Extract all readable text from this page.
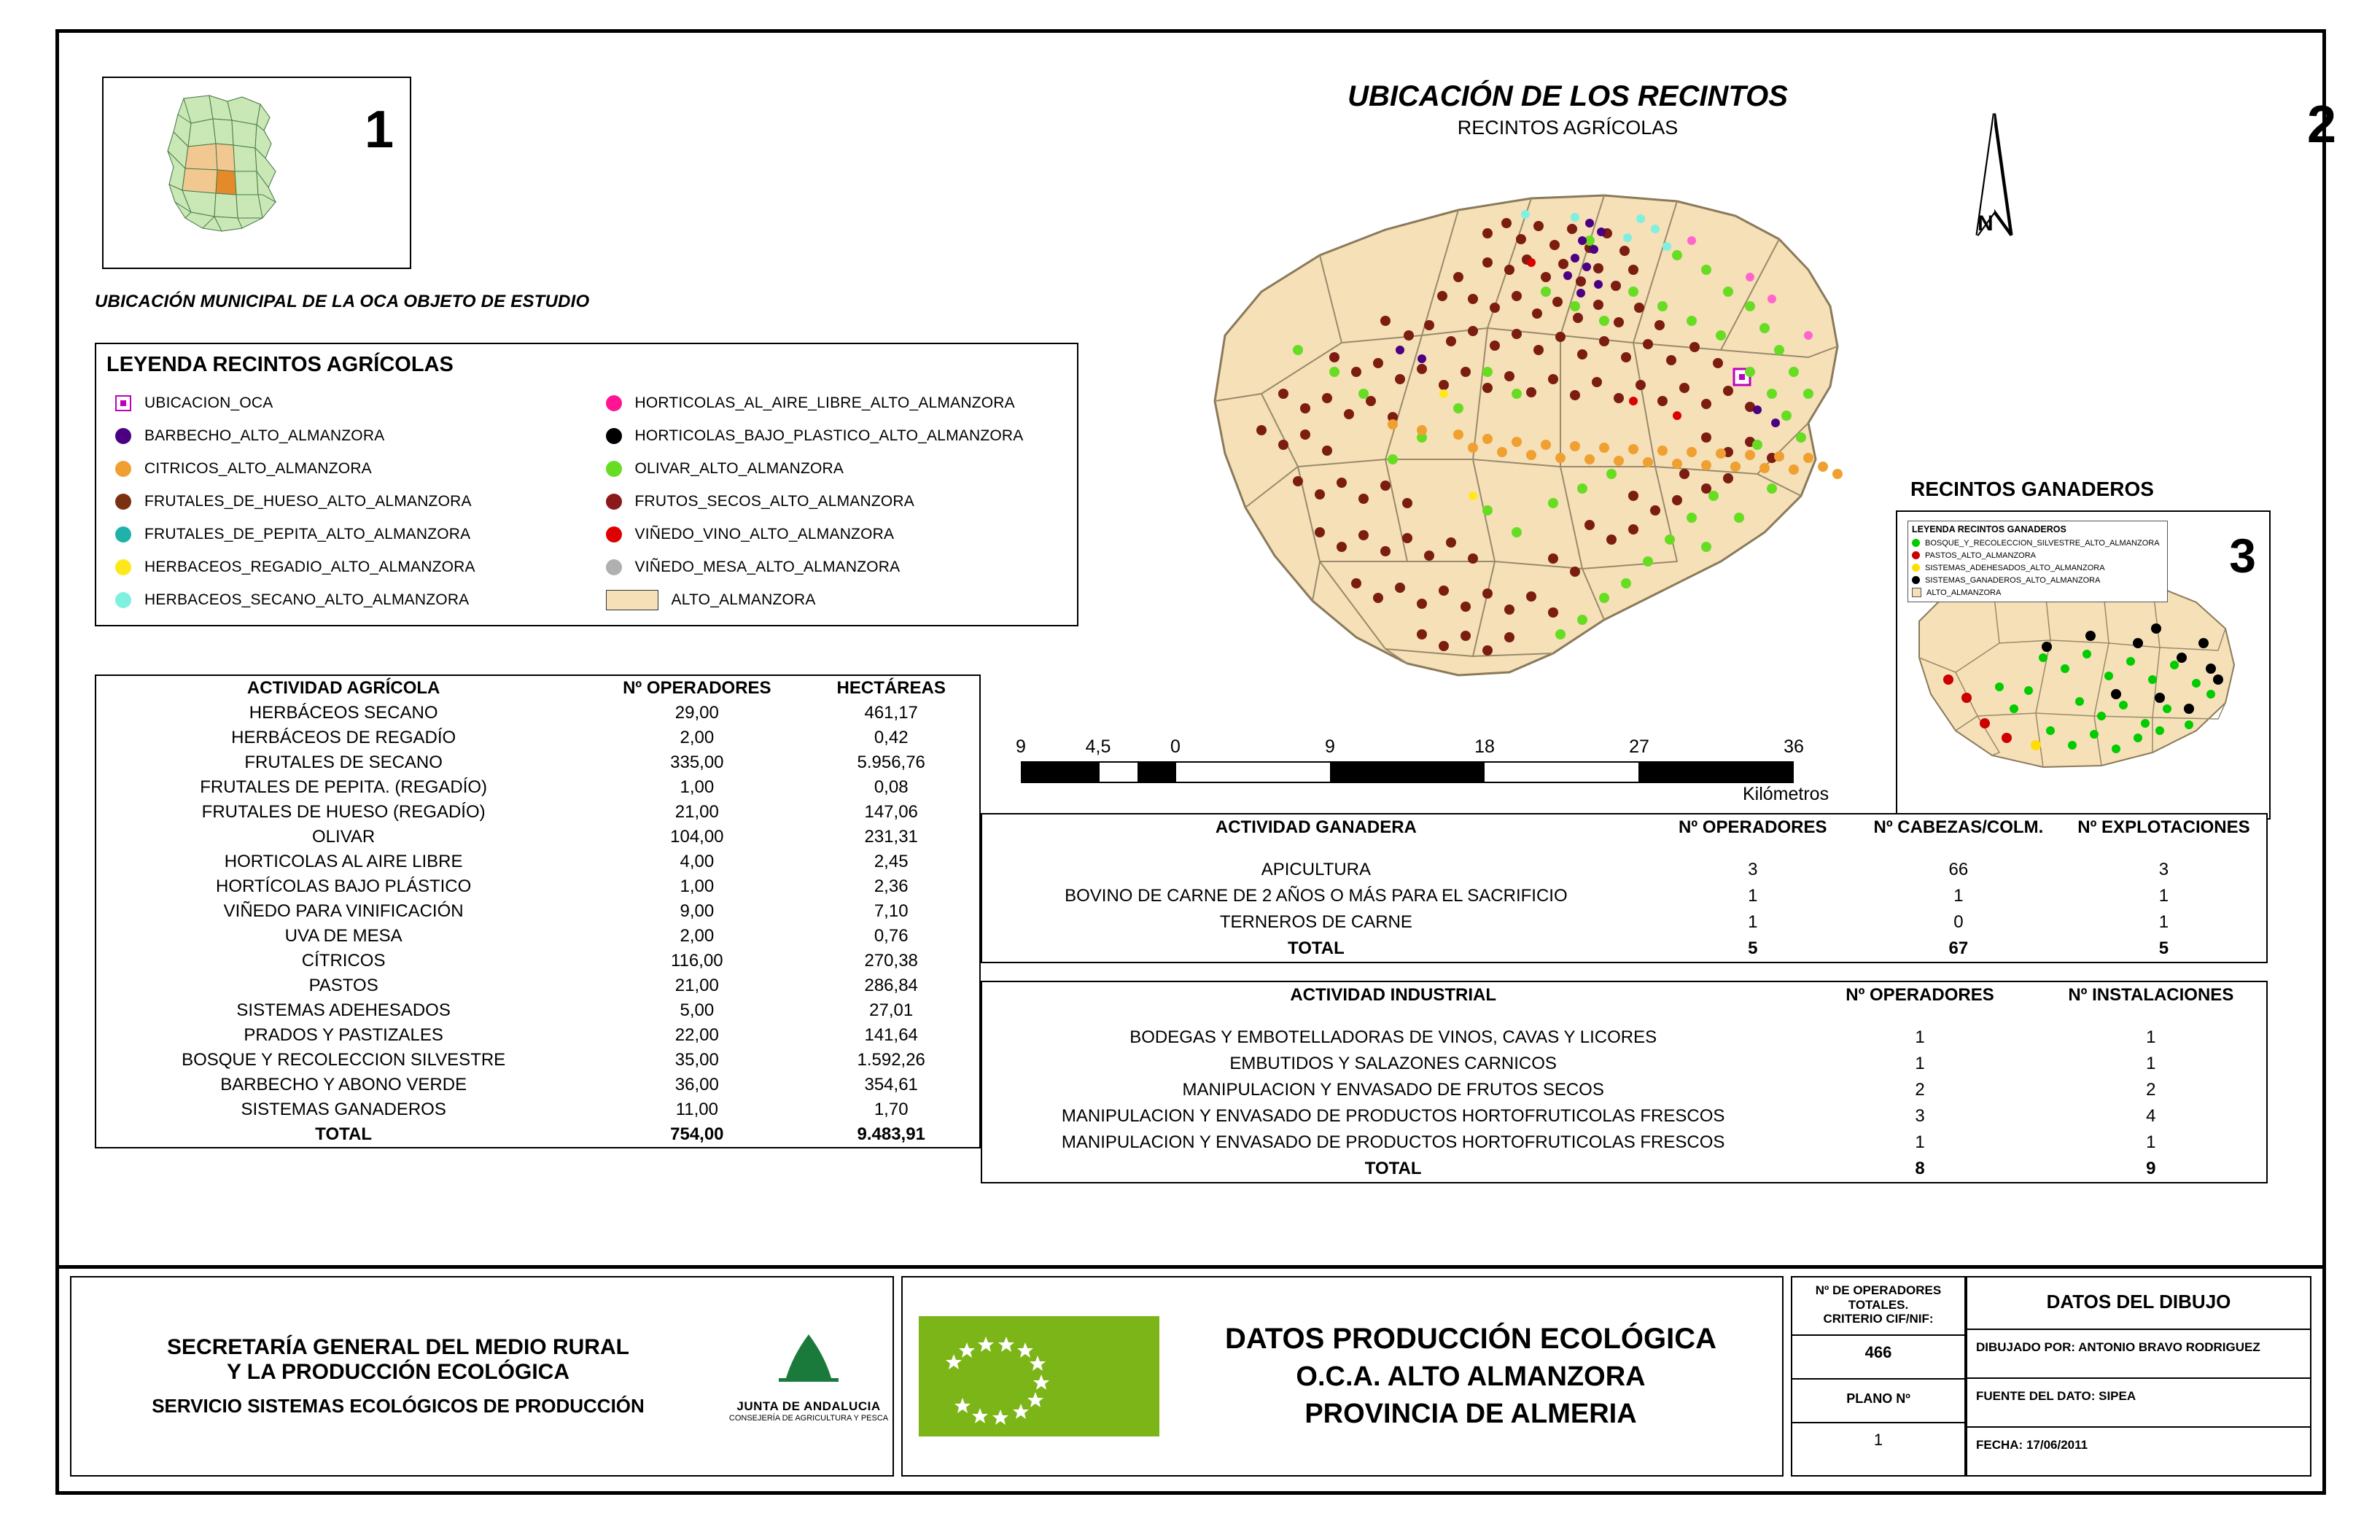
1
UBICACIÓN MUNICIPAL DE LA OCA OBJETO DE ESTUDIO
LEYENDA RECINTOS AGRÍCOLAS
UBICACION_OCA
BARBECHO_ALTO_ALMANZORA
CITRICOS_ALTO_ALMANZORA
FRUTALES_DE_HUESO_ALTO_ALMANZORA
FRUTALES_DE_PEPITA_ALTO_ALMANZORA
HERBACEOS_REGADIO_ALTO_ALMANZORA
HERBACEOS_SECANO_ALTO_ALMANZORA
HORTICOLAS_AL_AIRE_LIBRE_ALTO_ALMANZORA
HORTICOLAS_BAJO_PLASTICO_ALTO_ALMANZORA
OLIVAR_ALTO_ALMANZORA
FRUTOS_SECOS_ALTO_ALMANZORA
VIÑEDO_VINO_ALTO_ALMANZORA
VIÑEDO_MESA_ALTO_ALMANZORA
ALTO_ALMANZORA
ACTIVIDAD AGRÍCOLA	Nº OPERADORES	HECTÁREAS
HERBÁCEOS SECANO	29,00	461,17
HERBÁCEOS DE REGADÍO	2,00	0,42
FRUTALES DE SECANO	335,00	5.956,76
FRUTALES DE PEPITA. (REGADÍO)	1,00	0,08
FRUTALES DE HUESO (REGADÍO)	21,00	147,06
OLIVAR	104,00	231,31
HORTICOLAS AL AIRE LIBRE	4,00	2,45
HORTÍCOLAS BAJO PLÁSTICO	1,00	2,36
VIÑEDO PARA VINIFICACIÓN	9,00	7,10
UVA DE MESA	2,00	0,76
CÍTRICOS	116,00	270,38
PASTOS	21,00	286,84
SISTEMAS ADEHESADOS	5,00	27,01
PRADOS Y PASTIZALES	22,00	141,64
BOSQUE Y RECOLECCION SILVESTRE	35,00	1.592,26
BARBECHO Y ABONO VERDE	36,00	354,61
SISTEMAS GANADEROS	11,00	1,70
TOTAL	754,00	9.483,91
UBICACIÓN DE LOS RECINTOS
RECINTOS AGRÍCOLAS	2
N
9	4,5	0	9	18	27	36
Kilómetros
RECINTOS GANADEROS
LEYENDA RECINTOS GANADEROS
BOSQUE_Y_RECOLECCION_SILVESTRE_ALTO_ALMANZORA
PASTOS_ALTO_ALMANZORA
SISTEMAS_ADEHESADOS_ALTO_ALMANZORA
SISTEMAS_GANADEROS_ALTO_ALMANZORA
ALTO_ALMANZORA
3
ACTIVIDAD GANADERA	Nº OPERADORES	Nº CABEZAS/COLM.	Nº EXPLOTACIONES

APICULTURA	3	66	3
BOVINO DE CARNE DE 2 AÑOS O MÁS PARA EL SACRIFICIO	1	1	1
TERNEROS DE CARNE	1	0	1
TOTAL	5	67	5
ACTIVIDAD INDUSTRIAL	Nº OPERADORES	Nº INSTALACIONES

BODEGAS Y EMBOTELLADORAS DE VINOS, CAVAS Y LICORES	1	1
EMBUTIDOS Y SALAZONES CARNICOS	1	1
MANIPULACION Y ENVASADO DE FRUTOS SECOS	2	2
MANIPULACION Y ENVASADO DE PRODUCTOS HORTOFRUTICOLAS FRESCOS	3	4
MANIPULACION Y ENVASADO DE PRODUCTOS HORTOFRUTICOLAS FRESCOS	1	1
TOTAL	8	9
SECRETARÍA GENERAL DEL MEDIO RURAL
Y LA PRODUCCIÓN ECOLÓGICA
SERVICIO SISTEMAS ECOLÓGICOS DE PRODUCCIÓN	JUNTA DE ANDALUCIA
CONSEJERÍA DE AGRICULTURA Y PESCA
DATOS PRODUCCIÓN ECOLÓGICA
O.C.A. ALTO ALMANZORA
PROVINCIA DE ALMERIA
Nº DE OPERADORES
TOTALES.
CRITERIO CIF/NIF:
466
PLANO Nº
1
DATOS DEL DIBUJO
DIBUJADO POR: ANTONIO BRAVO RODRIGUEZ
FUENTE DEL DATO: SIPEA
FECHA: 17/06/2011
